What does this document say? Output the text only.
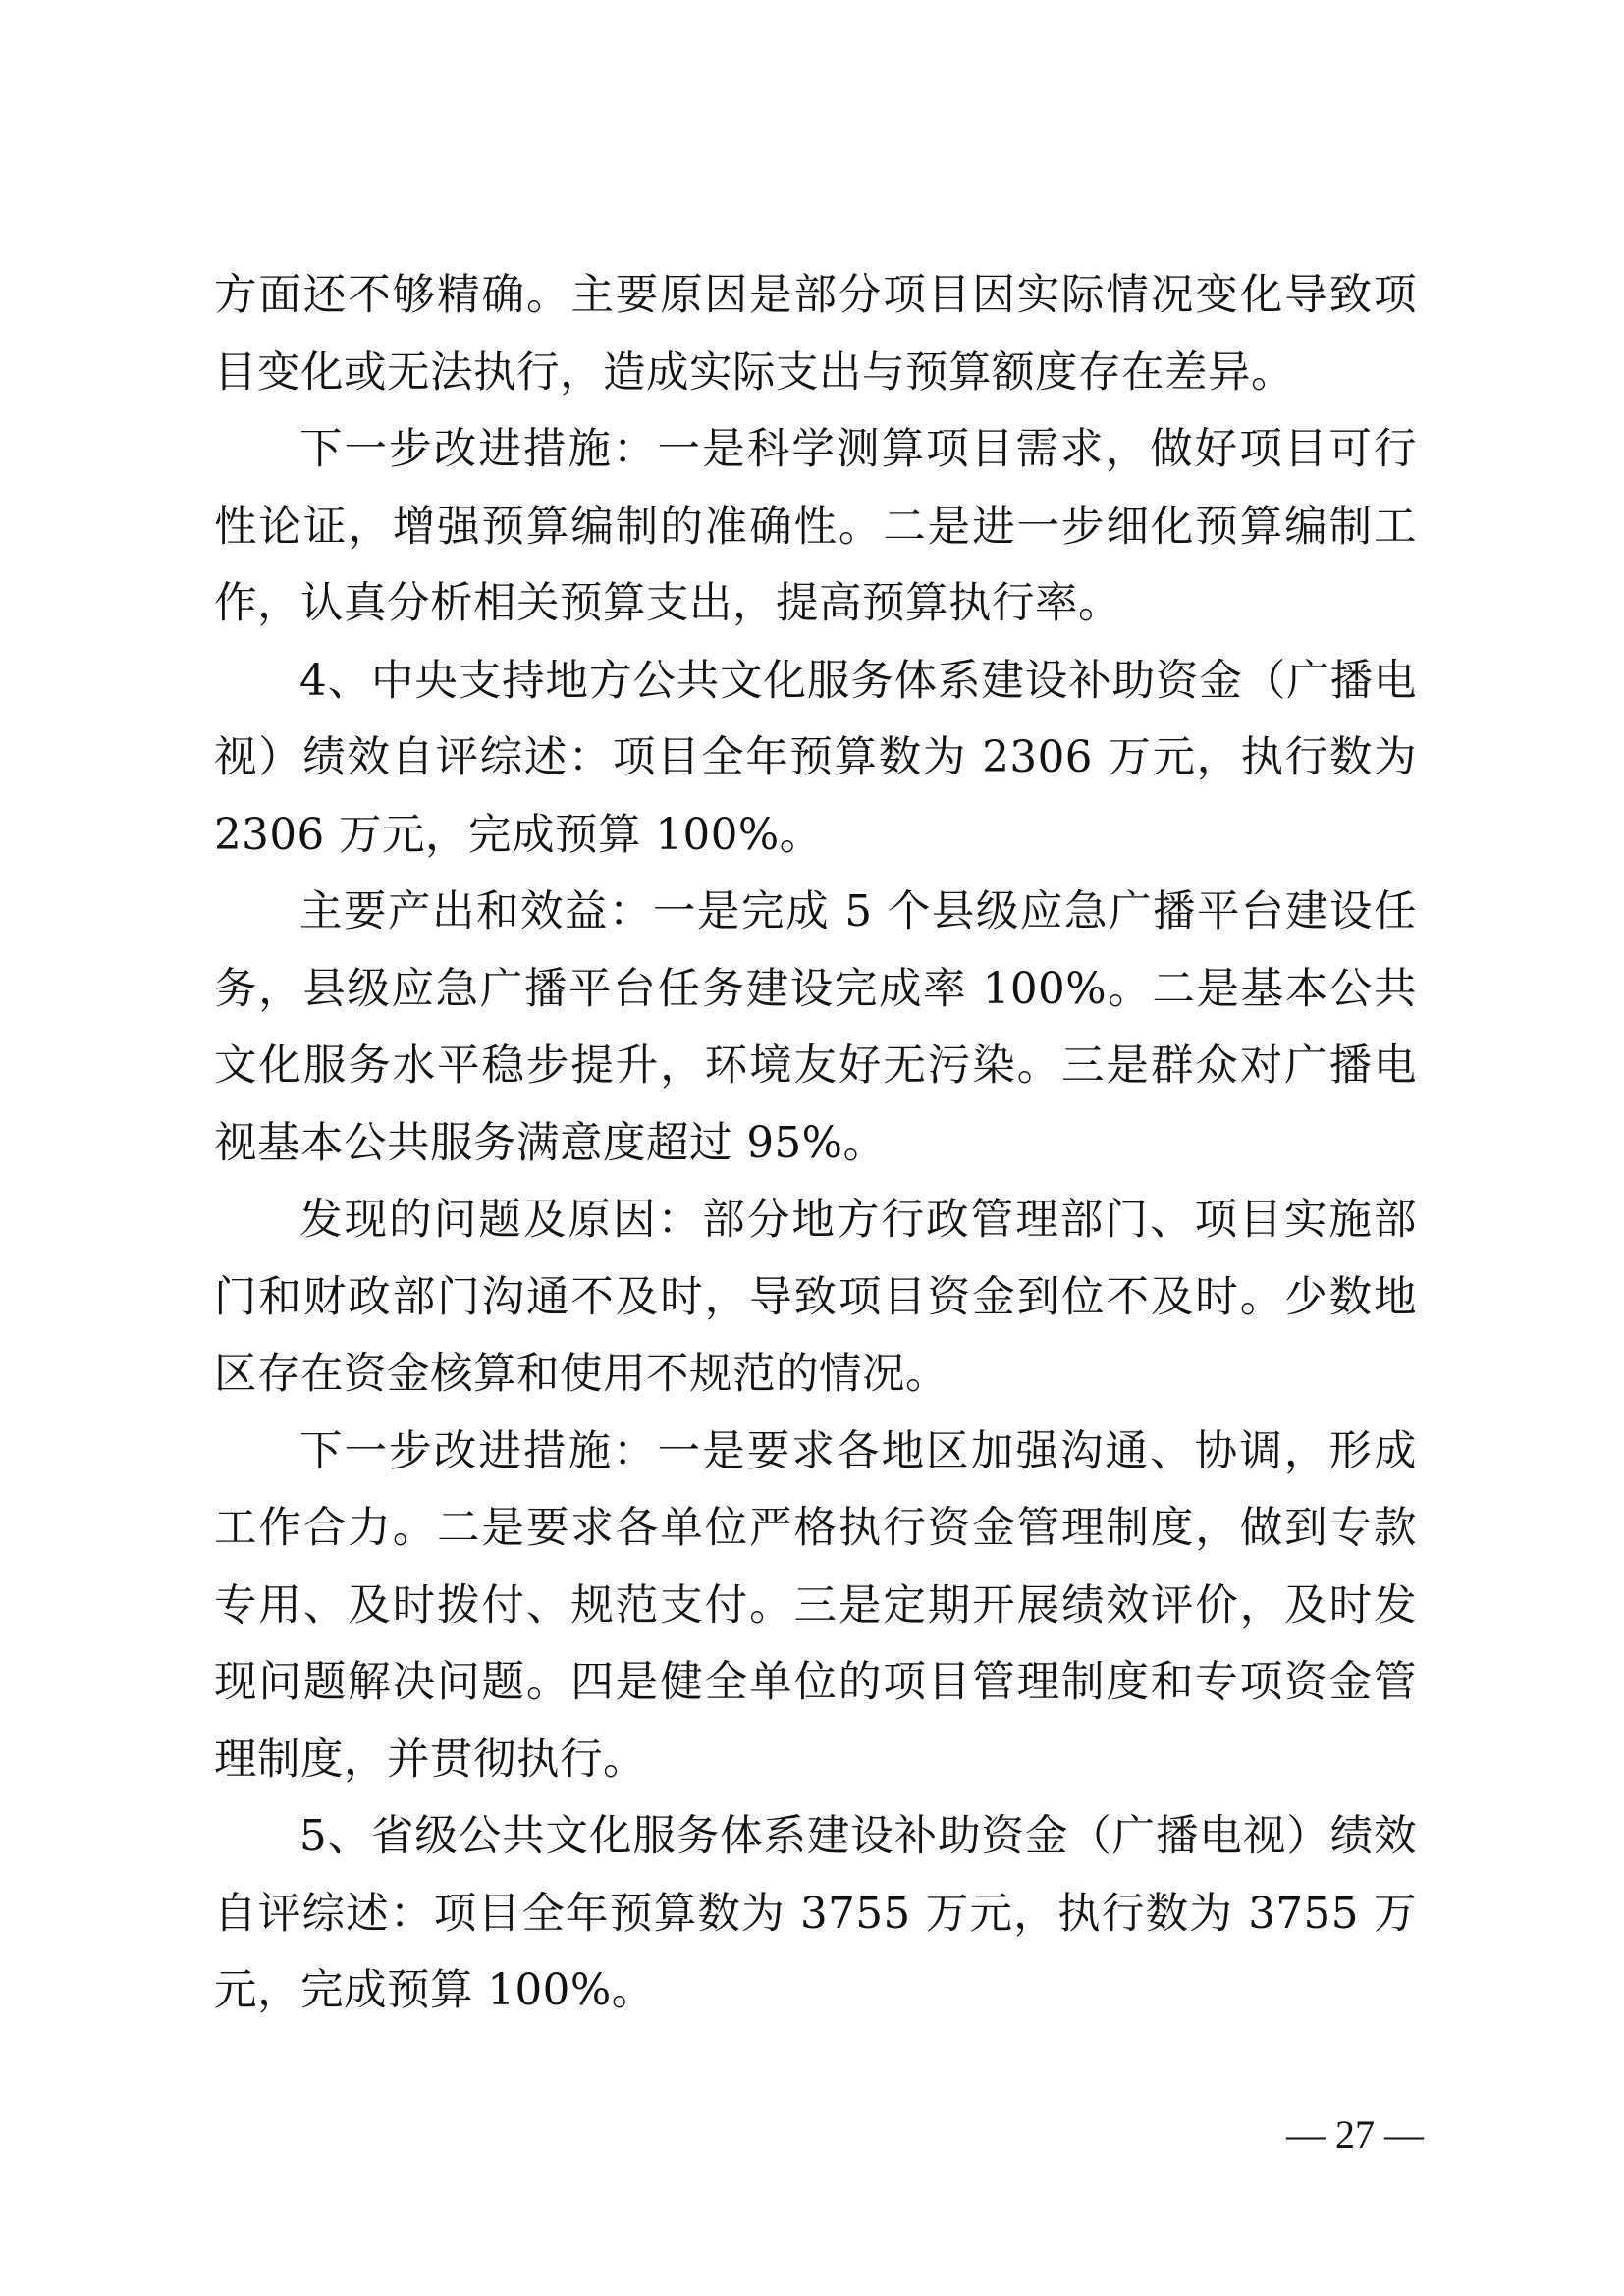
方面还不够精确。主要原因是部分项目因实际情况变化导致项目变化或无法执行，造成实际支出与预算额度存在差异。

下一步改进措施：一是科学测算项目需求，做好项目可行性论证，增强预算编制的准确性。二是进一步细化预算编制工作，认真分析相关预算支出，提高预算执行率。

4、中央支持地方公共文化服务体系建设补助资金（广播电视）绩效自评综述：项目全年预算数为 2306 万元，执行数为 2306 万元，完成预算 100%。

主要产出和效益：一是完成 5 个县级应急广播平台建设任务，县级应急广播平台任务建设完成率 100%。二是基本公共文化服务水平稳步提升，环境友好无污染。三是群众对广播电视基本公共服务满意度超过 95%。

发现的问题及原因：部分地方行政管理部门、项目实施部门和财政部门沟通不及时，导致项目资金到位不及时。少数地区存在资金核算和使用不规范的情况。

下一步改进措施：一是要求各地区加强沟通、协调，形成工作合力。二是要求各单位严格执行资金管理制度，做到专款专用、及时拨付、规范支付。三是定期开展绩效评价，及时发现问题解决问题。四是健全单位的项目管理制度和专项资金管理制度，并贯彻执行。

5、省级公共文化服务体系建设补助资金（广播电视）绩效自评综述：项目全年预算数为 3755 万元，执行数为 3755 万元，完成预算 100%。

— 27 —
